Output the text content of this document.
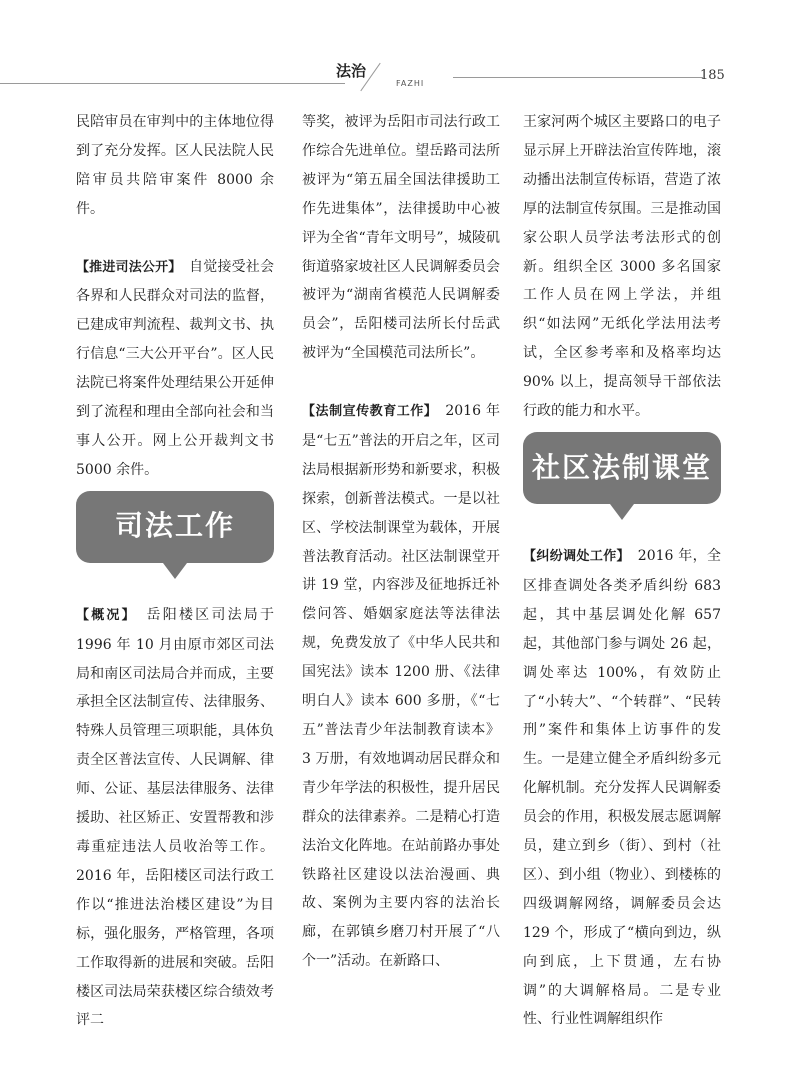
法治
FAZHI
185

民陪审员在审判中的主体地位得到了充分发挥。区人民法院人民陪审员共陪审案件 8000 余件。

【推进司法公开】　自觉接受社会各界和人民群众对司法的监督，已建成审判流程、裁判文书、执行信息“三大公开平台”。区人民法院已将案件处理结果公开延伸到了流程和理由全部向社会和当事人公开。网上公开裁判文书 5000 余件。

司法工作

【概况】　岳阳楼区司法局于 1996 年 10 月由原市郊区司法局和南区司法局合并而成，主要承担全区法制宣传、法律服务、特殊人员管理三项职能，具体负责全区普法宣传、人民调解、律师、公证、基层法律服务、法律援助、社区矫正、安置帮教和涉毒重症违法人员收治等工作。2016 年，岳阳楼区司法行政工作以“推进法治楼区建设”为目标，强化服务，严格管理，各项工作取得新的进展和突破。岳阳楼区司法局荣获楼区综合绩效考评二

等奖，被评为岳阳市司法行政工作综合先进单位。望岳路司法所被评为“第五届全国法律援助工作先进集体”，法律援助中心被评为全省“青年文明号”，城陵矶街道骆家坡社区人民调解委员会被评为“湖南省模范人民调解委员会”，岳阳楼司法所长付岳武被评为“全国模范司法所长”。

【法制宣传教育工作】　2016 年是“七五”普法的开启之年，区司法局根据新形势和新要求，积极探索，创新普法模式。一是以社区、学校法制课堂为载体，开展普法教育活动。社区法制课堂开讲 19 堂，内容涉及征地拆迁补偿问答、婚姻家庭法等法律法规，免费发放了《中华人民共和国宪法》读本 1200 册、《法律明白人》读本 600 多册，《“七五”普法青少年法制教育读本》3 万册，有效地调动居民群众和青少年学法的积极性，提升居民群众的法律素养。二是精心打造法治文化阵地。在站前路办事处铁路社区建设以法治漫画、典故、案例为主要内容的法治长廊，在郭镇乡磨刀村开展了“八个一”活动。在新路口、

王家河两个城区主要路口的电子显示屏上开辟法治宣传阵地，滚动播出法制宣传标语，营造了浓厚的法制宣传氛围。三是推动国家公职人员学法考法形式的创新。组织全区 3000 多名国家工作人员在网上学法，并组织“如法网”无纸化学法用法考试，全区参考率和及格率均达 90% 以上，提高领导干部依法行政的能力和水平。

社区法制课堂

【纠纷调处工作】　2016 年，全区排查调处各类矛盾纠纷 683 起，其中基层调处化解 657 起，其他部门参与调处 26 起，调处率达 100%，有效防止了“小转大”、“个转群”、“民转刑”案件和集体上访事件的发生。一是建立健全矛盾纠纷多元化解机制。充分发挥人民调解委员会的作用，积极发展志愿调解员，建立到乡（街）、到村（社区）、到小组（物业）、到楼栋的四级调解网络，调解委员会达 129 个，形成了“横向到边，纵向到底，上下贯通，左右协调”的大调解格局。二是专业性、行业性调解组织作
